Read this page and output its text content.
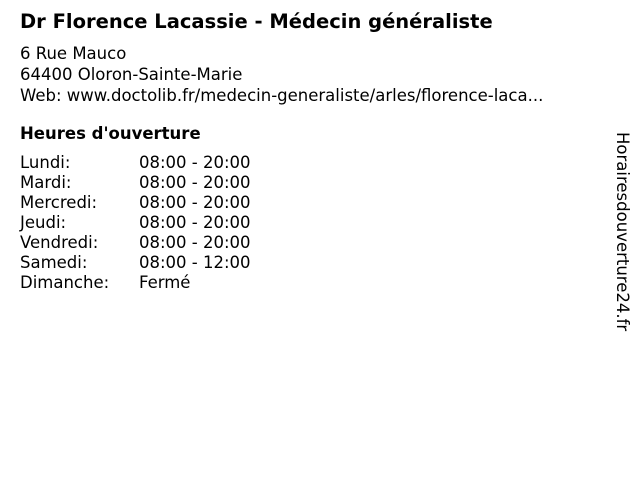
Dr Florence Lacassie - Médecin généraliste
6 Rue Mauco
64400 Oloron-Sainte-Marie
Web: www.doctolib.fr/medecin-generaliste/arles/florence-laca...
Heures d'ouverture
Lundi:	08:00 - 20:00
Mardi:	08:00 - 20:00
Mercredi:	08:00 - 20:00
Jeudi:	08:00 - 20:00
Vendredi: 08:00 - 20:00
Samedi:	08:00 - 12:00
Dimanche: Fermé	Horairesdouverture24.fr
